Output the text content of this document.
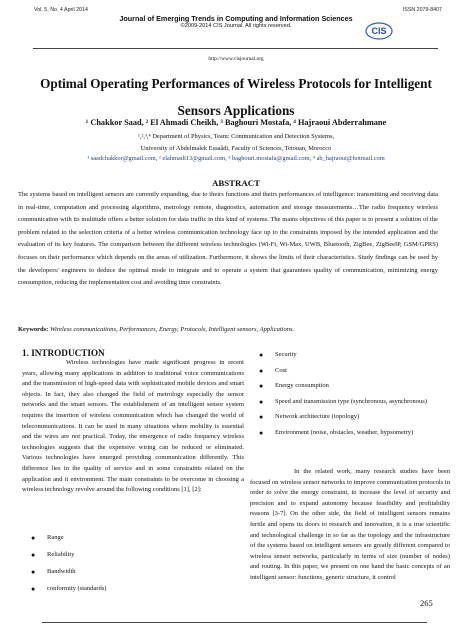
Vol. 5, No. 4 April 2014	ISSN 2079-8407
Journal of Emerging Trends in Computing and Information Sciences
©2009-2014 CIS Journal. All rights reserved.	CIS
http://www.cisjournal.org
Optimal Operating Performances of Wireless Protocols for Intelligent Sensors Applications
¹ Chakkor Saad, ² El Ahmadi Cheikh, ³ Baghouri Mostafa, ⁴ Hajraoui Abderrahmane
¹,²,³,⁴ Department of Physics, Team: Communication and Detection Systems,
University of Abdelmalek Essaâdi, Faculty of Sciences, Tetouan, Morocco
¹ saadchakkor@gmail.com, ² elahmadi13@gmail.com, ³ baghouri.mostafa@gmail.com, ⁴ ab_hajraoui@hotmail.com
ABSTRACT
The systems based on intelligent sensors are currently expanding, due to theirs functions and theirs performances of intelligence: transmitting and receiving data in real-time, computation and processing algorithms, metrology remote, diagnostics, automation and storage measurements…The radio frequency wireless communication with its multitude offers a better solution for data traffic in this kind of systems. The mains objectives of this paper is to present a solution of the problem related to the selection criteria of a better wireless communication technology face up to the constraints imposed by the intended application and the evaluation of its key features. The comparison between the different wireless technologies (Wi-Fi, Wi-Max, UWB, Bluetooth, ZigBee, ZigBeeIP, GSM/GPRS) focuses on their performance which depends on the areas of utilization. Furthermore, it shows the limits of their characteristics. Study findings can be used by the developers/ engineers to deduce the optimal mode to integrate and to operate a system that guarantees quality of communication, minimizing energy consumption, reducing the implementation cost and avoiding time constraints.
Keywords: Wireless communications, Performances, Energy, Protocols, Intelligent sensors, Applications.
1. INTRODUCTION
Wireless technologies have made significant progress in recent years, allowing many applications in addition to traditional voice communications and the transmission of high-speed data with sophisticated mobile devices and smart objects. In fact, they also changed the field of metrology especially the sensor networks and the smart sensors. The establishment of an intelligent sensor system requires the insertion of wireless communication which has changed the world of telecommunications. It can be used in many situations where mobility is essential and the wires are not practical. Today, the emergence of radio frequency wireless technologies suggests that the expensive wiring can be reduced or eliminated. Various technologies have emerged providing communication differently. This difference lies in the quality of service and in some constraints related on the application and it environment. The main constraints to be overcome in choosing a wireless technology revolve around the following conditions [1], [2]:
● Range
● Reliability
● Bandwidth
● conformity (standards)
● Security
● Cost
● Energy consumption
● Speed and transmission type (synchronous, asynchronous)
● Network architecture (topology)
● Environment (noise, obstacles, weather, hypsometry)
In the related work, many research studies have been focused on wireless sensor networks to improve communication protocols in order to solve the energy constraint, to increase the level of security and precision and to expand autonomy because feasibility and profitability reasons [3-7]. On the other side, the field of intelligent sensors remains fertile and opens its doors to research and innovation, it is a true scientific and technological challenge in so far as the topology and the infrastructure of the systems based on intelligent sensors are greatly different compared to wireless sensor networks, particularly in terms of size (number of nodes) and routing. In this paper, we present on one hand the basic concepts of an intelligent sensor: functions, generic structure, it control
265
